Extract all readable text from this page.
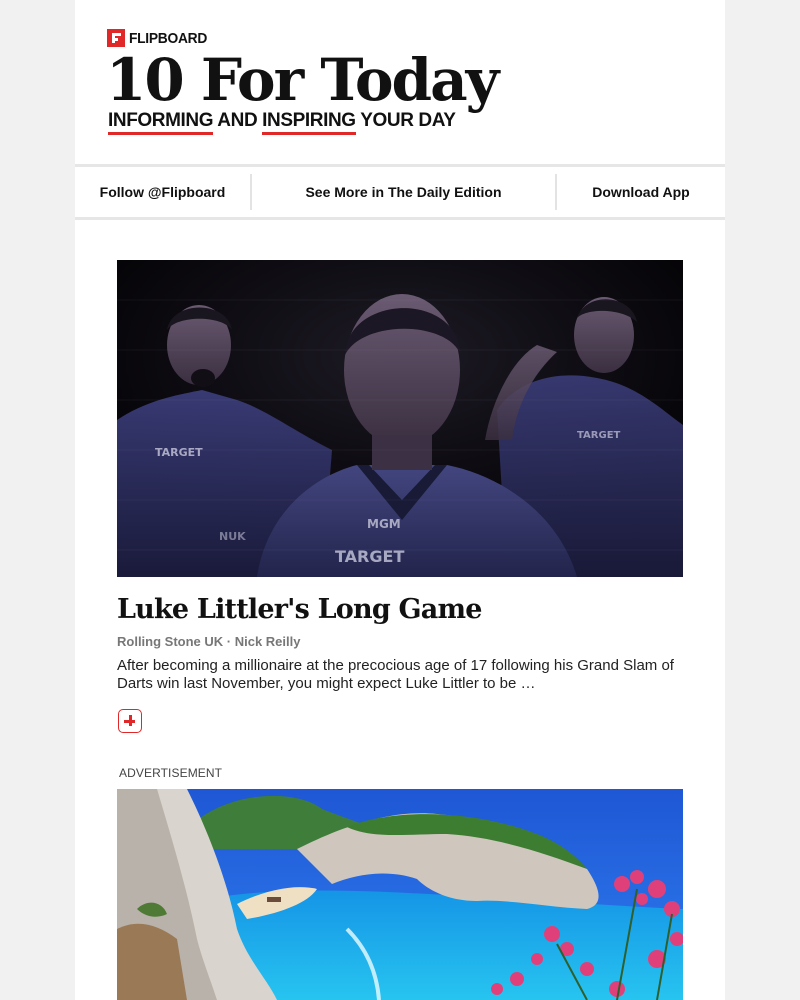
FLIPBOARD
10 For Today

INFORMING AND INSPIRING YOUR DAY

Follow @Flipboard	See More in The Daily Edition	Download App
TARGET
NUK
TARGET
TARGET
MGM
Luke Littler's Long Game

Rolling Stone UK · Nick Reilly

After becoming a millionaire at the precocious age of 17 following his Grand Slam of Darts win last November, you might expect Luke Littler to be …

ADVERTISEMENT
